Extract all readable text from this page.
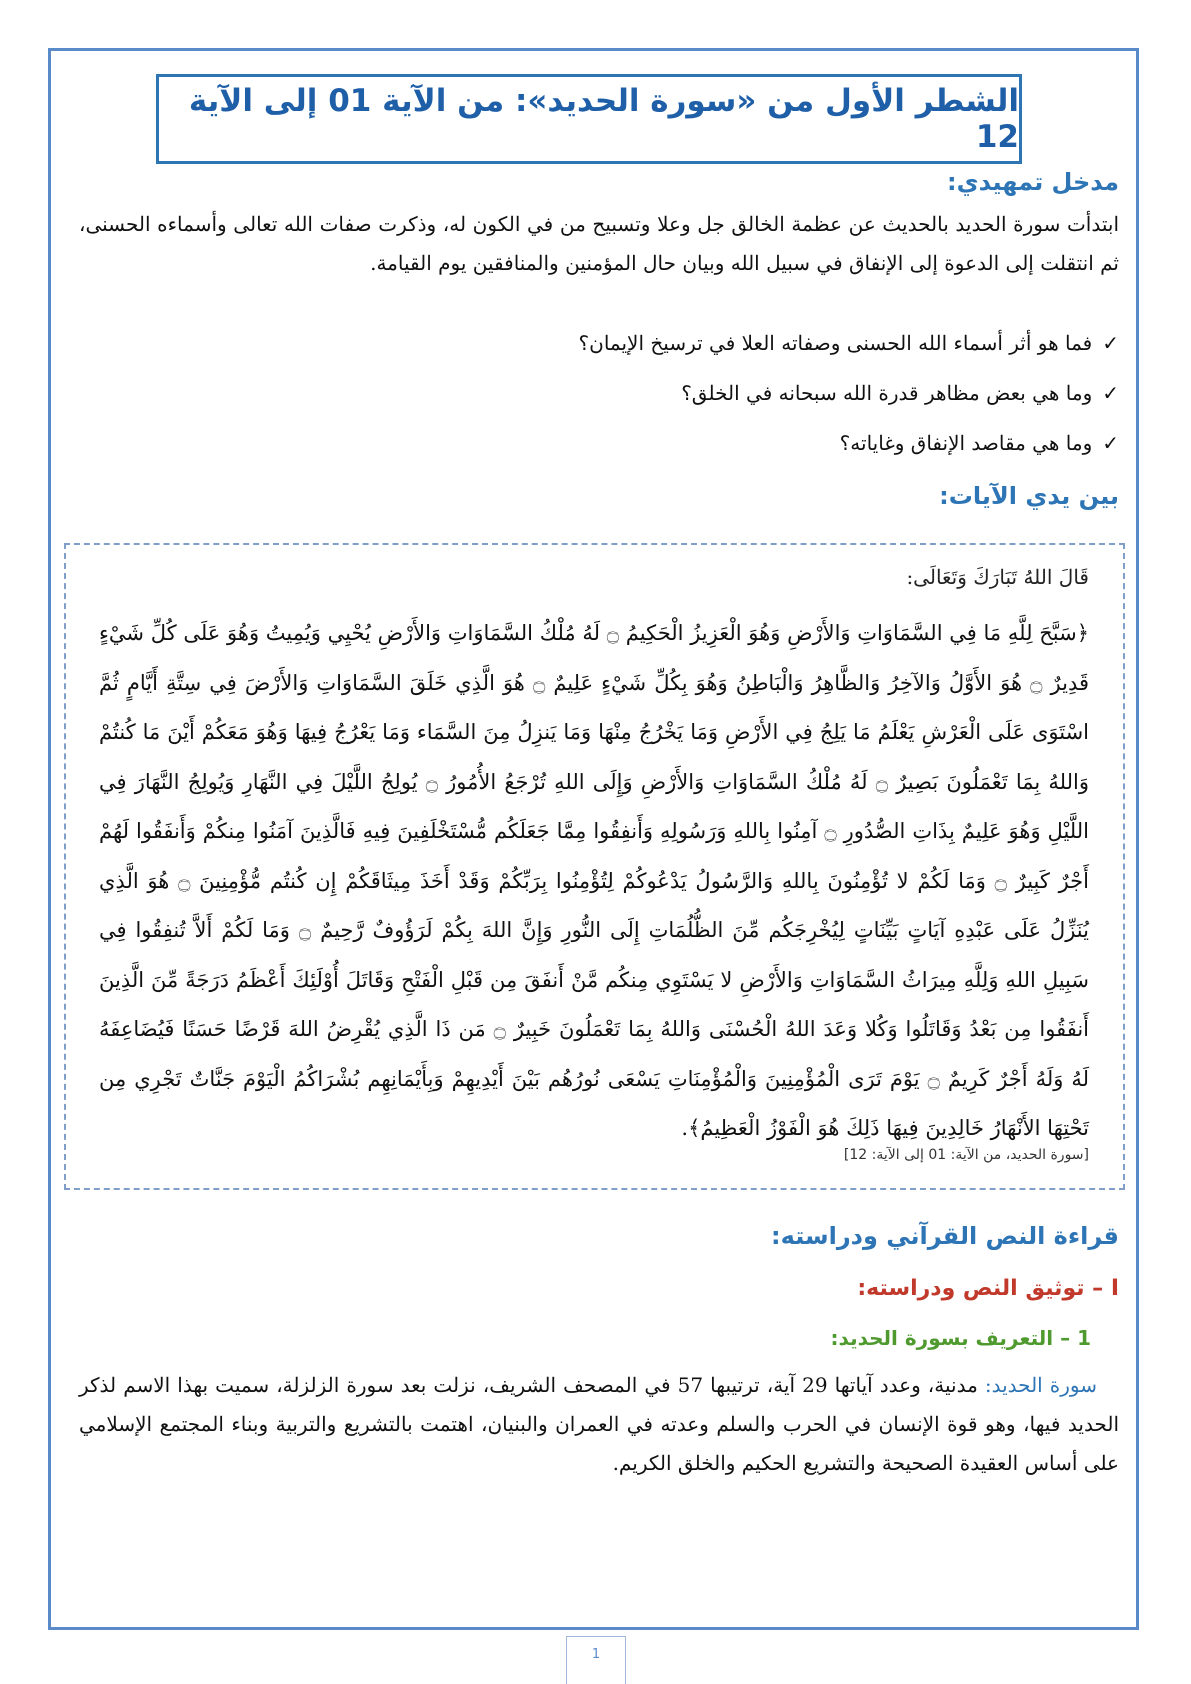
الشطر الأول من «سورة الحديد»: من الآية 01 إلى الآية 12
مدخل تمهيدي:

ابتدأت سورة الحديد بالحديث عن عظمة الخالق جل وعلا وتسبيح من في الكون له، وذكرت صفات الله تعالى وأسماءه الحسنى، ثم انتقلت إلى الدعوة إلى الإنفاق في سبيل الله وبيان حال المؤمنين والمنافقين يوم القيامة.

✓
فما هو أثر أسماء الله الحسنى وصفاته العلا في ترسيخ الإيمان؟
✓
وما هي بعض مظاهر قدرة الله سبحانه في الخلق؟
✓
وما هي مقاصد الإنفاق وغاياته؟
بين يدي الآيات:
قَالَ اللهُ تَبَارَكَ وَتَعَالَى:

﴿سَبَّحَ لِلَّهِ مَا فِي السَّمَاوَاتِ وَالأَرْضِ وَهُوَ الْعَزِيزُ الْحَكِيمُ ۝ لَهُ مُلْكُ السَّمَاوَاتِ وَالأَرْضِ يُحْيِي وَيُمِيتُ وَهُوَ عَلَى كُلِّ شَيْءٍ قَدِيرٌ ۝ هُوَ الأَوَّلُ وَالآخِرُ وَالظَّاهِرُ وَالْبَاطِنُ وَهُوَ بِكُلِّ شَيْءٍ عَلِيمٌ ۝ هُوَ الَّذِي خَلَقَ السَّمَاوَاتِ وَالأَرْضَ فِي سِتَّةِ أَيَّامٍ ثُمَّ اسْتَوَى عَلَى الْعَرْشِ يَعْلَمُ مَا يَلِجُ فِي الأَرْضِ وَمَا يَخْرُجُ مِنْهَا وَمَا يَنزِلُ مِنَ السَّمَاء وَمَا يَعْرُجُ فِيهَا وَهُوَ مَعَكُمْ أَيْنَ مَا كُنتُمْ وَاللهُ بِمَا تَعْمَلُونَ بَصِيرٌ ۝ لَهُ مُلْكُ السَّمَاوَاتِ وَالأَرْضِ وَإِلَى اللهِ تُرْجَعُ الأُمُورُ ۝ يُولِجُ اللَّيْلَ فِي النَّهَارِ وَيُولِجُ النَّهَارَ فِي اللَّيْلِ وَهُوَ عَلِيمٌ بِذَاتِ الصُّدُورِ ۝ آمِنُوا بِاللهِ وَرَسُولِهِ وَأَنفِقُوا مِمَّا جَعَلَكُم مُّسْتَخْلَفِينَ فِيهِ فَالَّذِينَ آمَنُوا مِنكُمْ وَأَنفَقُوا لَهُمْ أَجْرٌ كَبِيرٌ ۝ وَمَا لَكُمْ لا تُؤْمِنُونَ بِاللهِ وَالرَّسُولُ يَدْعُوكُمْ لِتُؤْمِنُوا بِرَبِّكُمْ وَقَدْ أَخَذَ مِيثَاقَكُمْ إِن كُنتُم مُّؤْمِنِينَ ۝ هُوَ الَّذِي يُنَزِّلُ عَلَى عَبْدِهِ آيَاتٍ بَيِّنَاتٍ لِيُخْرِجَكُم مِّنَ الظُّلُمَاتِ إِلَى النُّورِ وَإِنَّ اللهَ بِكُمْ لَرَؤُوفٌ رَّحِيمٌ ۝ وَمَا لَكُمْ أَلاَّ تُنفِقُوا فِي سَبِيلِ اللهِ وَلِلَّهِ مِيرَاثُ السَّمَاوَاتِ وَالأَرْضِ لا يَسْتَوِي مِنكُم مَّنْ أَنفَقَ مِن قَبْلِ الْفَتْحِ وَقَاتَلَ أُوْلَئِكَ أَعْظَمُ دَرَجَةً مِّنَ الَّذِينَ أَنفَقُوا مِن بَعْدُ وَقَاتَلُوا وَكُلا وَعَدَ اللهُ الْحُسْنَى وَاللهُ بِمَا تَعْمَلُونَ خَبِيرٌ ۝ مَن ذَا الَّذِي يُقْرِضُ اللهَ قَرْضًا حَسَنًا فَيُضَاعِفَهُ لَهُ وَلَهُ أَجْرٌ كَرِيمٌ ۝ يَوْمَ تَرَى الْمُؤْمِنِينَ وَالْمُؤْمِنَاتِ يَسْعَى نُورُهُم بَيْنَ أَيْدِيهِمْ وَبِأَيْمَانِهِم بُشْرَاكُمُ الْيَوْمَ جَنَّاتٌ تَجْرِي مِن تَحْتِهَا الأَنْهَارُ خَالِدِينَ فِيهَا ذَلِكَ هُوَ الْفَوْزُ الْعَظِيمُ﴾.

[سورة الحديد، من الآية: 01 إلى الآية: 12]
قراءة النص القرآني ودراسته:
I – توثيق النص ودراسته:
1 – التعريف بسورة الحديد:

سورة الحديد: مدنية، وعدد آياتها 29 آية، ترتيبها 57 في المصحف الشريف، نزلت بعد سورة الزلزلة، سميت بهذا الاسم لذكر الحديد فيها، وهو قوة الإنسان في الحرب والسلم وعدته في العمران والبنيان، اهتمت بالتشريع والتربية وبناء المجتمع الإسلامي على أساس العقيدة الصحيحة والتشريع الحكيم والخلق الكريم.

1
